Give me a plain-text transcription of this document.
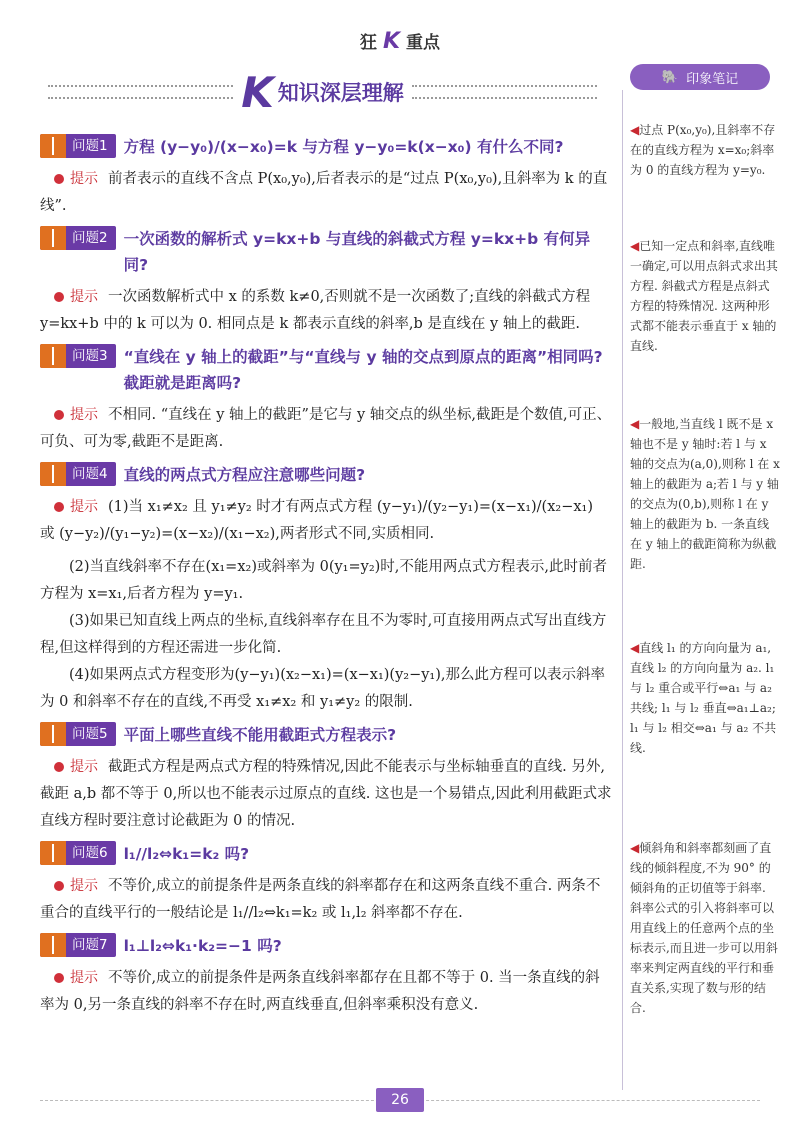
狂 K 重点
K 知识深层理解
🐘 印象笔记
问题1 方程 (y−y₀)/(x−x₀)=k 与方程 y−y₀=k(x−x₀) 有什么不同?

提示 前者表示的直线不含点 P(x₀,y₀),后者表示的是“过点 P(x₀,y₀),且斜率为 k 的直线”.

问题2 一次函数的解析式 y=kx+b 与直线的斜截式方程 y=kx+b 有何异同?

提示 一次函数解析式中 x 的系数 k≠0,否则就不是一次函数了;直线的斜截式方程 y=kx+b 中的 k 可以为 0. 相同点是 k 都表示直线的斜率,b 是直线在 y 轴上的截距.

问题3 “直线在 y 轴上的截距”与“直线与 y 轴的交点到原点的距离”相同吗? 截距就是距离吗?

提示 不相同. “直线在 y 轴上的截距”是它与 y 轴交点的纵坐标,截距是个数值,可正、可负、可为零,截距不是距离.

问题4 直线的两点式方程应注意哪些问题?

提示 (1)当 x₁≠x₂ 且 y₁≠y₂ 时才有两点式方程 (y−y₁)/(y₂−y₁)=(x−x₁)/(x₂−x₁) 或 (y−y₂)/(y₁−y₂)=(x−x₂)/(x₁−x₂),两者形式不同,实质相同.

(2)当直线斜率不存在(x₁=x₂)或斜率为 0(y₁=y₂)时,不能用两点式方程表示,此时前者方程为 x=x₁,后者方程为 y=y₁.

(3)如果已知直线上两点的坐标,直线斜率存在且不为零时,可直接用两点式写出直线方程,但这样得到的方程还需进一步化简.

(4)如果两点式方程变形为(y−y₁)(x₂−x₁)=(x−x₁)(y₂−y₁),那么此方程可以表示斜率为 0 和斜率不存在的直线,不再受 x₁≠x₂ 和 y₁≠y₂ 的限制.

问题5 平面上哪些直线不能用截距式方程表示?

提示 截距式方程是两点式方程的特殊情况,因此不能表示与坐标轴垂直的直线. 另外,截距 a,b 都不等于 0,所以也不能表示过原点的直线. 这也是一个易错点,因此利用截距式求直线方程时要注意讨论截距为 0 的情况.

问题6 l₁//l₂⇔k₁=k₂ 吗?

提示 不等价,成立的前提条件是两条直线的斜率都存在和这两条直线不重合. 两条不重合的直线平行的一般结论是 l₁//l₂⇔k₁=k₂ 或 l₁,l₂ 斜率都不存在.

问题7 l₁⊥l₂⇔k₁·k₂=−1 吗?

提示 不等价,成立的前提条件是两条直线斜率都存在且都不等于 0. 当一条直线的斜率为 0,另一条直线的斜率不存在时,两直线垂直,但斜率乘积没有意义.

◀过点 P(x₀,y₀),且斜率不存在的直线方程为 x=x₀;斜率为 0 的直线方程为 y=y₀.
◀已知一定点和斜率,直线唯一确定,可以用点斜式求出其方程. 斜截式方程是点斜式方程的特殊情况. 这两种形式都不能表示垂直于 x 轴的直线.
◀一般地,当直线 l 既不是 x 轴也不是 y 轴时:若 l 与 x 轴的交点为(a,0),则称 l 在 x 轴上的截距为 a;若 l 与 y 轴的交点为(0,b),则称 l 在 y 轴上的截距为 b. 一条直线在 y 轴上的截距简称为纵截距.
◀直线 l₁ 的方向向量为 a₁,直线 l₂ 的方向向量为 a₂. l₁ 与 l₂ 重合或平行⇔a₁ 与 a₂ 共线; l₁ 与 l₂ 垂直⇔a₁⊥a₂; l₁ 与 l₂ 相交⇔a₁ 与 a₂ 不共线.
◀倾斜角和斜率都刻画了直线的倾斜程度,不为 90° 的倾斜角的正切值等于斜率. 斜率公式的引入将斜率可以用直线上的任意两个点的坐标表示,而且进一步可以用斜率来判定两直线的平行和垂直关系,实现了数与形的结合.
26
